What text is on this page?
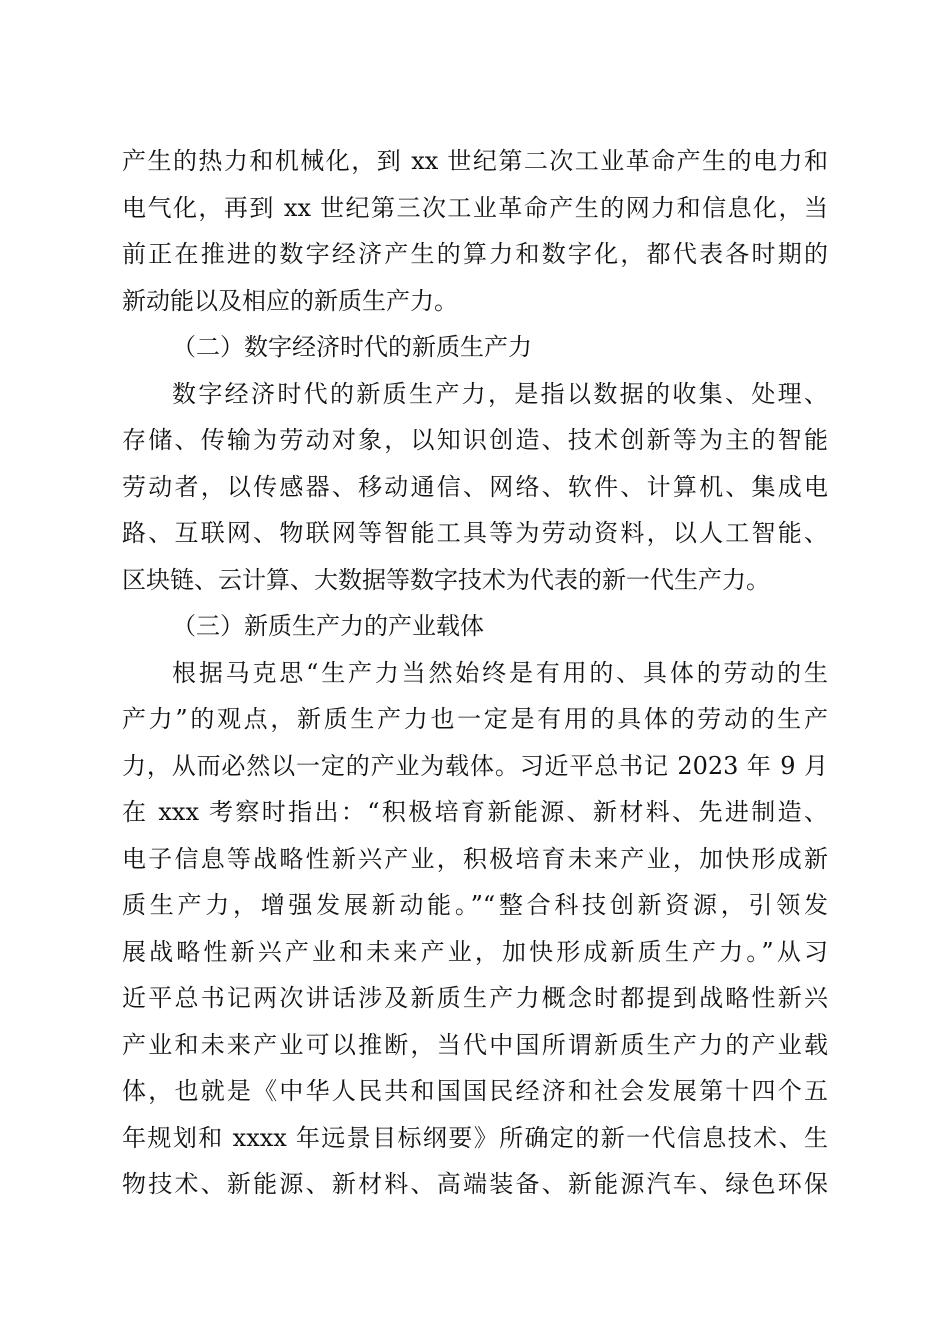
产生的热力和机械化，到 xx 世纪第二次工业革命产生的电力和
电气化，再到 xx 世纪第三次工业革命产生的网力和信息化，当
前正在推进的数字经济产生的算力和数字化，都代表各时期的
新动能以及相应的新质生产力。
（二）数字经济时代的新质生产力
数字经济时代的新质生产力，是指以数据的收集、处理、
存储、传输为劳动对象，以知识创造、技术创新等为主的智能
劳动者，以传感器、移动通信、网络、软件、计算机、集成电
路、互联网、物联网等智能工具等为劳动资料，以人工智能、
区块链、云计算、大数据等数字技术为代表的新一代生产力。
（三）新质生产力的产业载体
根据马克思“生产力当然始终是有用的、具体的劳动的生
产力”的观点，新质生产力也一定是有用的具体的劳动的生产
力，从而必然以一定的产业为载体。习近平总书记 2023 年 9 月
在 xxx 考察时指出：“积极培育新能源、新材料、先进制造、
电子信息等战略性新兴产业，积极培育未来产业，加快形成新
质生产力，增强发展新动能。”“整合科技创新资源，引领发
展战略性新兴产业和未来产业，加快形成新质生产力。”从习
近平总书记两次讲话涉及新质生产力概念时都提到战略性新兴
产业和未来产业可以推断，当代中国所谓新质生产力的产业载
体，也就是《中华人民共和国国民经济和社会发展第十四个五
年规划和 xxxx 年远景目标纲要》所确定的新一代信息技术、生
物技术、新能源、新材料、高端装备、新能源汽车、绿色环保
